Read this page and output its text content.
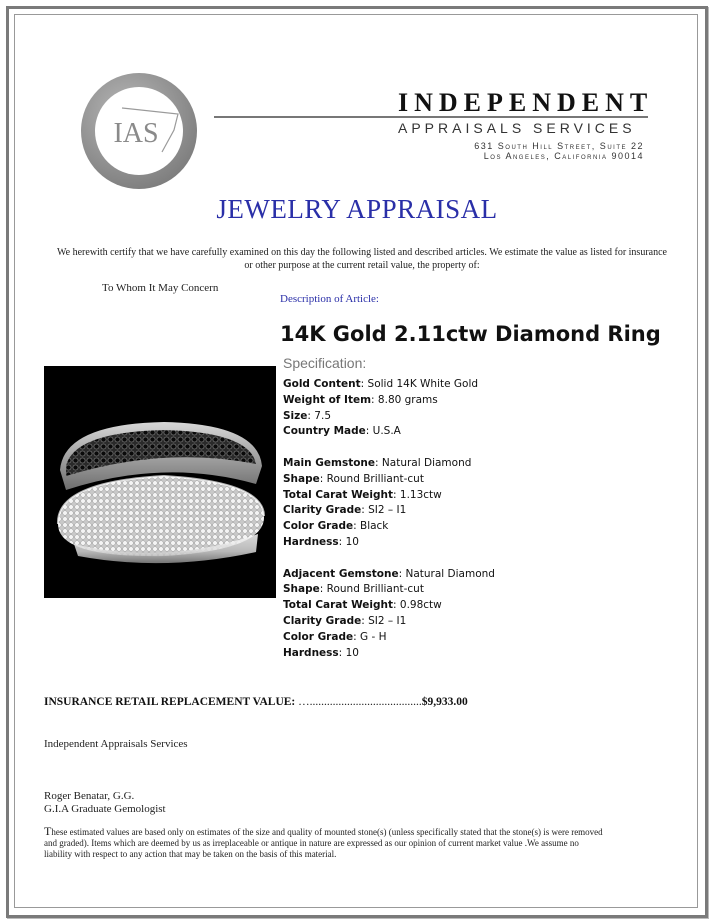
IAS
Appraisal
INDEPENDENT
APPRAISALS SERVICES
631 South Hill Street, Suite 22
Los Angeles, California 90014
JEWELRY APPRAISAL
We herewith certify that we have carefully examined on this day the following listed and described articles. We estimate the value as listed for insurance or other purpose at the current retail value, the property of:
To Whom It May Concern
Description of Article:
14K Gold 2.11ctw Diamond Ring
Specification:
Gold Content: Solid 14K White Gold
Weight of Item: 8.80 grams
Size: 7.5
Country Made: U.S.A
Main Gemstone: Natural Diamond
Shape: Round Brilliant-cut
Total Carat Weight: 1.13ctw
Clarity Grade: SI2 – I1
Color Grade: Black
Hardness: 10
Adjacent Gemstone: Natural Diamond
Shape: Round Brilliant-cut
Total Carat Weight: 0.98ctw
Clarity Grade: SI2 – I1
Color Grade: G - H
Hardness: 10
INSURANCE RETAIL REPLACEMENT VALUE: ….......................................$9,933.00
Independent Appraisals Services
Roger Benatar, G.G.
G.I.A Graduate Gemologist
These estimated values are based only on estimates of the size and quality of mounted stone(s) (unless specifically stated that the stone(s) is were removed and graded). Items which are deemed by us as irreplaceable or antique in nature are expressed as our opinion of current market value .We assume no liability with respect to any action that may be taken on the basis of this material.
